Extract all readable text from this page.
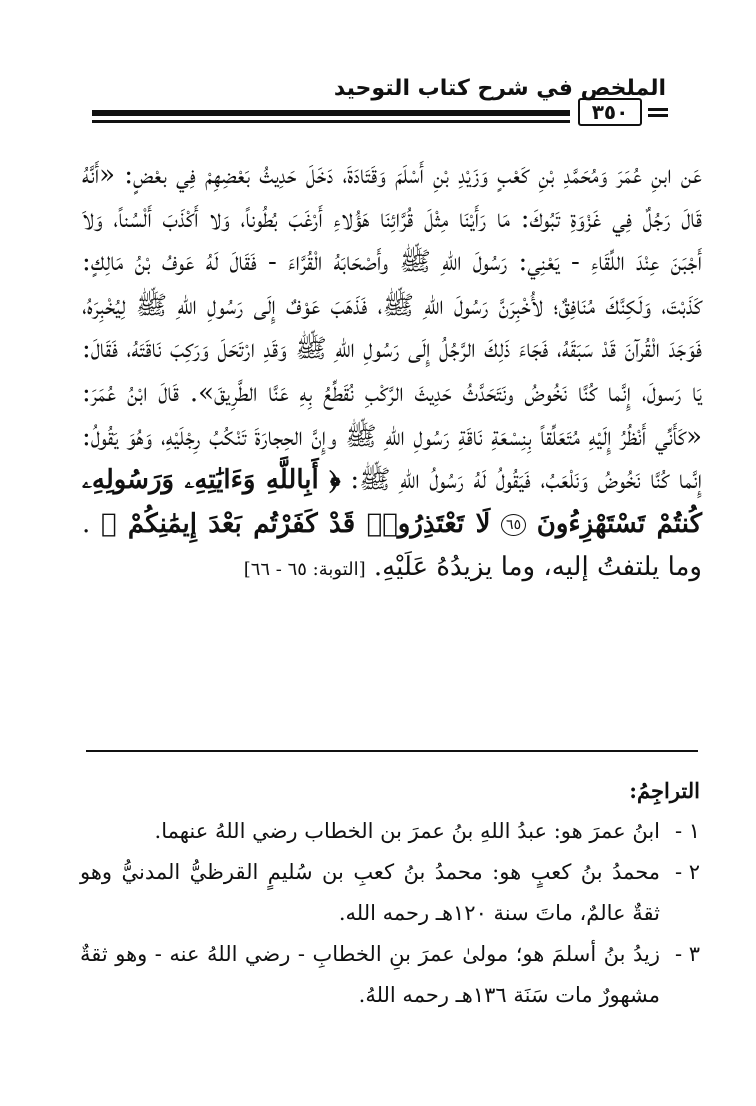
الملخص في شرح كتاب التوحيد
٣٥٠
عَن ابنِ عُمَرَ وَمُحَمَّدِ بْنِ كَعْبٍ وَزَيْدِ بْنِ أَسْلَمَ وَقَتَادَةَ، دَخَلَ حَدِيثُ بَعْضِهِمْ فِي بعْضٍ: «أَنَّهُ قَالَ رَجُلٌ فِي غَزْوَةِ تَبُوكَ: مَا رَأَيْنَا مِثْلَ قُرَّائِنَا هَؤُلاءِ أَرْغَبَ بُطُوناً، وَلا أَكْذَبَ أَلْسُناً، وَلاَ أَجْبَنَ عِنْدَ اللِّقَاءِ - يَعْنِي: رَسُولَ اللهِ ﷺ وأَصْحَابَهُ الْقُرَّاءَ - فَقَالَ لَهُ عَوفُ بْنُ مَالِكٍ: كَذَبْتَ، وَلَكِنَّكَ مُنَافِقٌ؛ لأُخْبِرَنَّ رَسُولَ اللهِ ﷺ، فَذَهَبَ عَوْفٌ إِلَى رَسُولِ اللهِ ﷺ لِيُخْبِرَهُ، فَوَجَدَ الْقُرآنَ قَدْ سَبَقَهُ، فَجَاءَ ذَلِكَ الرَّجُلُ إِلَى رَسُولِ اللهِ ﷺ وَقَدِ ارْتَحَلَ وَرَكِبَ نَاقَتَهُ، فَقَالَ: يَا رَسولَ، إِنَّما كُنَّا نَخُوضُ ونَتَحَدَّثُ حَدِيثَ الرَّكْبِ نُقَطِّعُ بِهِ عَنَّا الطَّرِيقَ». قَالَ ابْنُ عُمَرَ: «كَأَنِّي أَنْظُرُ إِلَيْهِ مُتَعَلِّقاً بِنِسْعَةِ نَاقَةِ رَسُولِ اللهِ ﷺ وإِنَّ الحِجارَةَ تَنْكُبُ رِجْلَيْهِ، وَهُوَ يَقُولُ: إِنَّما كُنَّا نَخُوضُ وَنَلْعَبُ، فَيَقُولُ لَهُ رَسُولُ اللهِ ﷺ: ﴿ أَبِاللَّهِ وَءَايَٰتِهِۦ وَرَسُولِهِۦ كُنتُمْ تَسْتَهْزِءُونَ ٦٥ لَا تَعْتَذِرُوا۟ قَدْ كَفَرْتُم بَعْدَ إِيمَٰنِكُمْ ﴾ . وما يلتفتُ إليه، وما يزيدُهُ عَلَيْهِ. [التوبة: ٦٥ - ٦٦]
التراجِمُ:
١ -
ابنُ عمرَ هو: عبدُ اللهِ بنُ عمرَ بن الخطاب رضي اللهُ عنهما.
٢ -
محمدُ بنُ كعبٍ هو: محمدُ بنُ كعبِ بن سُليمٍ القرظيُّ المدنيُّ وهو ثقةٌ عالمٌ، ماتَ سنة ١٢٠هـ رحمه الله.
٣ -
زيدُ بنُ أسلمَ هو؛ مولىٰ عمرَ بنِ الخطابِ - رضي اللهُ عنه - وهو ثقةٌ مشهورٌ مات سَنَة ١٣٦هـ رحمه اللهُ.
